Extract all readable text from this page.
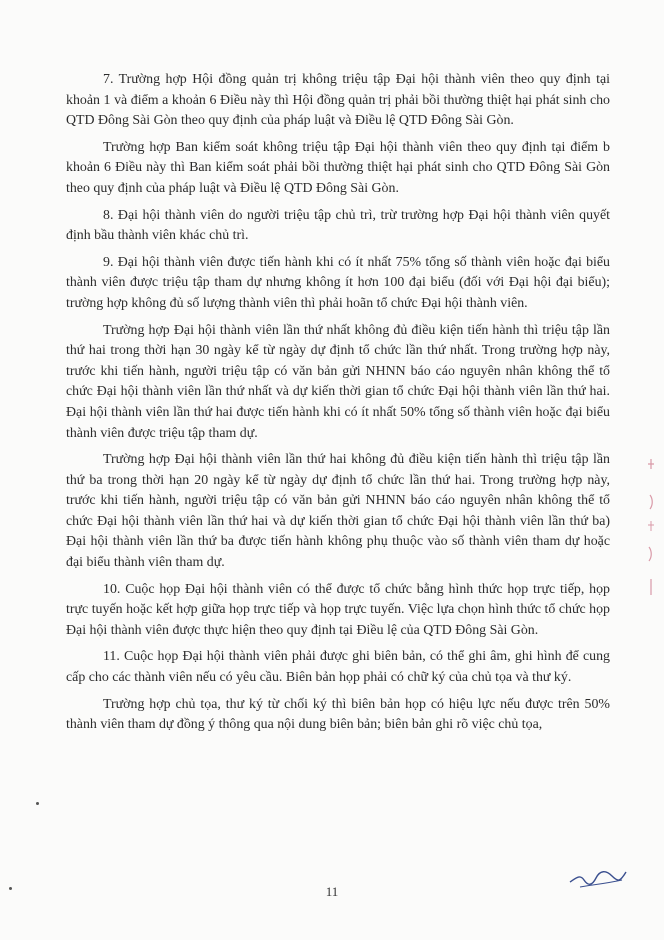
7. Trường hợp Hội đồng quản trị không triệu tập Đại hội thành viên theo quy định tại khoản 1 và điểm a khoản 6 Điều này thì Hội đồng quản trị phải bồi thường thiệt hại phát sinh cho QTD Đông Sài Gòn theo quy định của pháp luật và Điều lệ QTD Đông Sài Gòn.

Trường hợp Ban kiểm soát không triệu tập Đại hội thành viên theo quy định tại điểm b khoản 6 Điều này thì Ban kiểm soát phải bồi thường thiệt hại phát sinh cho QTD Đông Sài Gòn theo quy định của pháp luật và Điều lệ QTD Đông Sài Gòn.

8. Đại hội thành viên do người triệu tập chủ trì, trừ trường hợp Đại hội thành viên quyết định bầu thành viên khác chủ trì.

9. Đại hội thành viên được tiến hành khi có ít nhất 75% tổng số thành viên hoặc đại biểu thành viên được triệu tập tham dự nhưng không ít hơn 100 đại biểu (đối với Đại hội đại biểu); trường hợp không đủ số lượng thành viên thì phải hoãn tổ chức Đại hội thành viên.

Trường hợp Đại hội thành viên lần thứ nhất không đủ điều kiện tiến hành thì triệu tập lần thứ hai trong thời hạn 30 ngày kể từ ngày dự định tổ chức lần thứ nhất. Trong trường hợp này, trước khi tiến hành, người triệu tập có văn bản gửi NHNN báo cáo nguyên nhân không thể tổ chức Đại hội thành viên lần thứ nhất và dự kiến thời gian tổ chức Đại hội thành viên lần thứ hai. Đại hội thành viên lần thứ hai được tiến hành khi có ít nhất 50% tổng số thành viên hoặc đại biểu thành viên được triệu tập tham dự.

Trường hợp Đại hội thành viên lần thứ hai không đủ điều kiện tiến hành thì triệu tập lần thứ ba trong thời hạn 20 ngày kể từ ngày dự định tổ chức lần thứ hai. Trong trường hợp này, trước khi tiến hành, người triệu tập có văn bản gửi NHNN báo cáo nguyên nhân không thể tổ chức Đại hội thành viên lần thứ hai và dự kiến thời gian tổ chức Đại hội thành viên lần thứ ba) Đại hội thành viên lần thứ ba được tiến hành không phụ thuộc vào số thành viên tham dự hoặc đại biểu thành viên tham dự.

10. Cuộc họp Đại hội thành viên có thể được tổ chức bằng hình thức họp trực tiếp, họp trực tuyến hoặc kết hợp giữa họp trực tiếp và họp trực tuyến. Việc lựa chọn hình thức tổ chức họp Đại hội thành viên được thực hiện theo quy định tại Điều lệ của QTD Đông Sài Gòn.

11. Cuộc họp Đại hội thành viên phải được ghi biên bản, có thể ghi âm, ghi hình để cung cấp cho các thành viên nếu có yêu cầu. Biên bản họp phải có chữ ký của chủ tọa và thư ký.

Trường hợp chủ tọa, thư ký từ chối ký thì biên bản họp có hiệu lực nếu được trên 50% thành viên tham dự đồng ý thông qua nội dung biên bản; biên bản ghi rõ việc chủ tọa,

11
